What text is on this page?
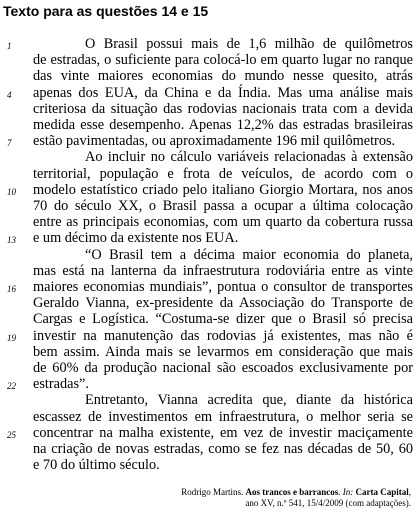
Texto para as questões 14 e 15
1	O Brasil possui mais de 1,6 milhão de quilômetros
de estradas, o suficiente para colocá-lo em quarto lugar no ranque
das vinte maiores economias do mundo nesse quesito, atrás
4	apenas dos EUA, da China e da Índia. Mas uma análise mais
criteriosa da situação das rodovias nacionais trata com a devida
medida esse desempenho. Apenas 12,2% das estradas brasileiras
7	estão pavimentadas, ou aproximadamente 196 mil quilômetros.
Ao incluir no cálculo variáveis relacionadas à extensão
territorial, população e frota de veículos, de acordo com o
10 modelo estatístico criado pelo italiano Giorgio Mortara, nos anos
70 do século XX, o Brasil passa a ocupar a última colocação
entre as principais economias, com um quarto da cobertura russa
13 e um décimo da existente nos EUA.
“O Brasil tem a décima maior economia do planeta,
mas está na lanterna da infraestrutura rodoviária entre as vinte
16 maiores economias mundiais”, pontua o consultor de transportes
Geraldo Vianna, ex-presidente da Associação do Transporte de
Cargas e Logística. “Costuma-se dizer que o Brasil só precisa
19 investir na manutenção das rodovias já existentes, mas não é
bem assim. Ainda mais se levarmos em consideração que mais
de 60% da produção nacional são escoados exclusivamente por
22 estradas”.
Entretanto, Vianna acredita que, diante da histórica
escassez de investimentos em infraestrutura, o melhor seria se
25 concentrar na malha existente, em vez de investir maciçamente
na criação de novas estradas, como se fez nas décadas de 50, 60
e 70 do último século.
Rodrigo Martins. Aos trancos e barrancos. In: Carta Capital,
ano XV, n.º 541, 15/4/2009 (com adaptações).
